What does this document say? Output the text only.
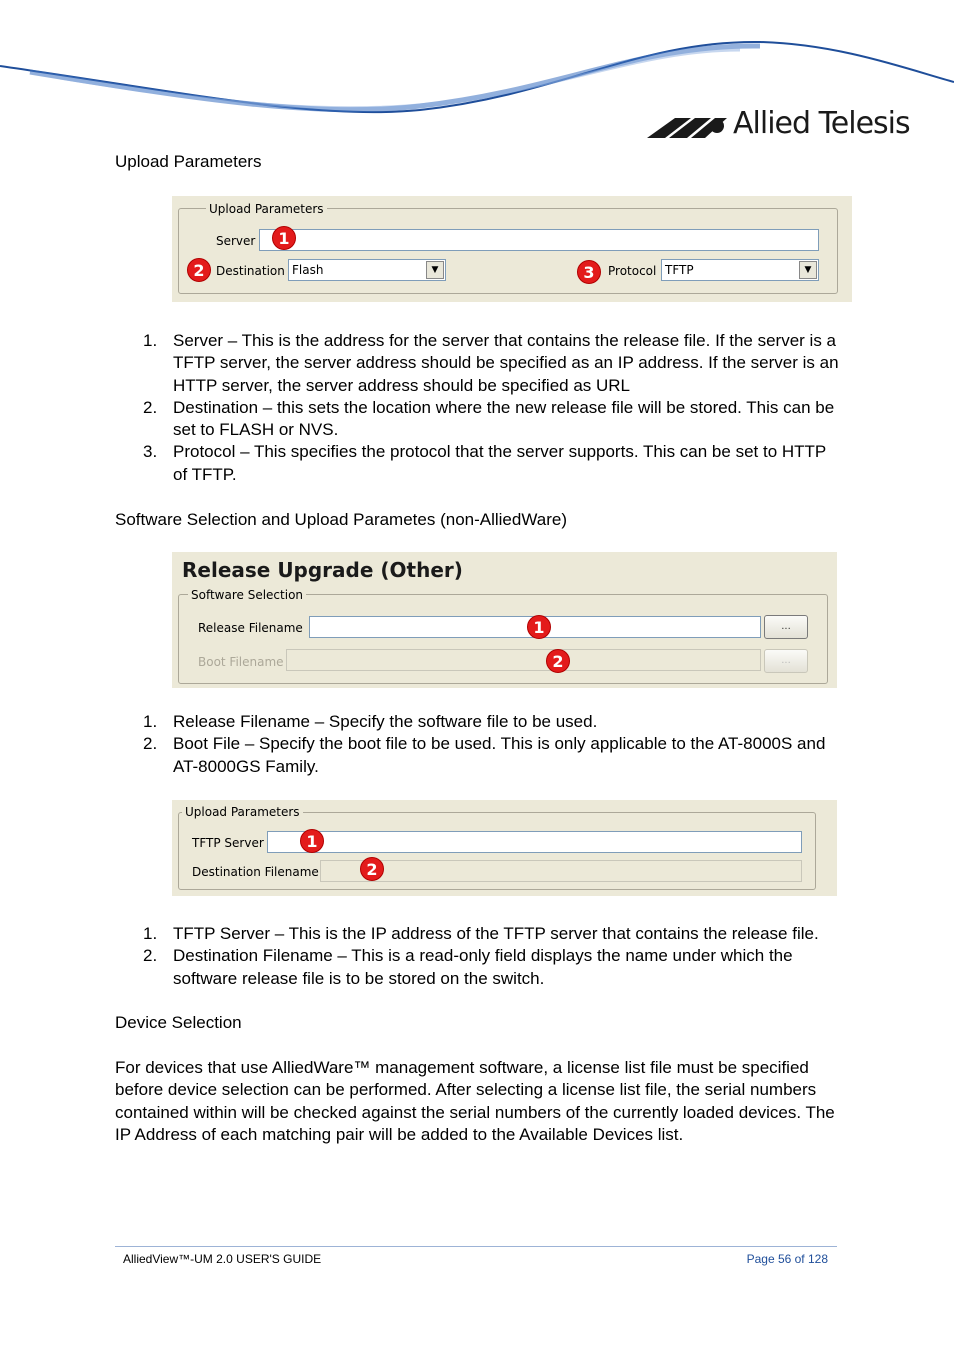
Allied Telesis
Upload Parameters
Upload Parameters
Server	1
2 Destination Flash	▼	3	Protocol TFTP	▼
1. Server – This is the address for the server that contains the release file. If the server is a TFTP server, the server address should be specified as an IP address. If the server is an HTTP server, the server address should be specified as URL
2. Destination – this sets the location where the new release file will be stored. This can be set to FLASH or NVS.
3. Protocol – This specifies the protocol that the server supports. This can be set to HTTP of TFTP.
Software Selection and Upload Parametes (non-AlliedWare)
Release Upgrade (Other)
Software Selection
Release Filename	...
1
Boot Filename	...
2
1. Release Filename – Specify the software file to be used.
2. Boot File – Specify the boot file to be used. This is only applicable to the AT-8000S and AT-8000GS Family.
Upload Parameters
TFTP Server	1
Destination Filename	2
1. TFTP Server – This is the IP address of the TFTP server that contains the release file.
2. Destination Filename – This is a read-only field displays the name under which the software release file is to be stored on the switch.
Device Selection
For devices that use AlliedWare™ management software, a license list file must be specified before device selection can be performed. After selecting a license list file, the serial numbers contained within will be checked against the serial numbers of the currently loaded devices. The IP Address of each matching pair will be added to the Available Devices list.
AlliedView™-UM 2.0 USER'S GUIDE	Page 56 of 128
